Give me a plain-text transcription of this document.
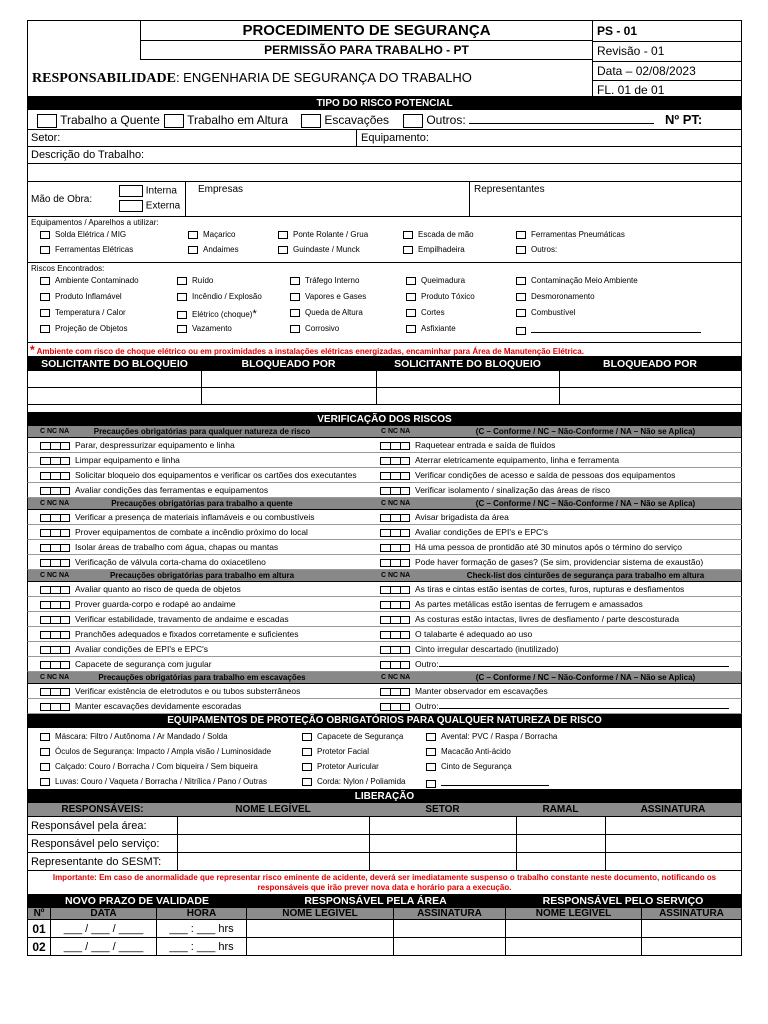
PROCEDIMENTO DE SEGURANÇA
PERMISSÃO PARA TRABALHO - PT
RESPONSABILIDADE: ENGENHARIA DE SEGURANÇA DO TRABALHO
PS - 01
Revisão - 01
Data – 02/08/2023
FL. 01 de 01
TIPO DO RISCO POTENCIAL
Trabalho a Quente	Trabalho em Altura	Escavações	Outros:	Nº PT:
Setor:	Equipamento:
Descrição do Trabalho:
Mão de Obra:
Interna
Externa
Empresas	Representantes
Equipamentos / Aparelhos a utilizar:
Solda Elétrica / MIG	Maçarico	Ponte Rolante / Grua	Escada de mão	Ferramentas Pneumáticas
Ferramentas Elétricas	Andaimes	Guindaste / Munck	Empilhadeira	Outros:
Riscos Encontrados:
Ambiente Contaminado	Ruído	Tráfego Interno	Queimadura	Contaminação Meio Ambiente
Produto Inflamável	Incêndio / Explosão	Vapores e Gases	Produto Tóxico	Desmoronamento
Temperatura / Calor	Elétrico (choque)*	Queda de Altura	Cortes	Combustível
Projeção de Objetos	Vazamento	Corrosivo	Asfixiante
* Ambiente com risco de choque elétrico ou em proximidades a instalações elétricas energizadas, encaminhar para Área de Manutenção Elétrica.
SOLICITANTE DO BLOQUEIO	BLOQUEADO POR	SOLICITANTE DO BLOQUEIO	BLOQUEADO POR
VERIFICAÇÃO DOS RISCOS
C NC NA	Precauções obrigatórias para qualquer natureza de risco	C NC NA	(C – Conforme / NC – Não-Conforme / NA – Não se Aplica)
Parar, despressurizar equipamento e linha	Raquetear entrada e saída de fluídos
Limpar equipamento e linha	Aterrar eletricamente equipamento, linha e ferramenta
Solicitar bloqueio dos equipamentos e verificar os cartões dos executantes	Verificar condições de acesso e saída de pessoas dos equipamentos
Avaliar condições das ferramentas e equipamentos	Verificar isolamento / sinalização das áreas de risco
C NC NA	Precauções obrigatórias para trabalho a quente	C NC NA	(C – Conforme / NC – Não-Conforme / NA – Não se Aplica)
Verificar a presença de materiais inflamáveis e ou combustíveis	Avisar brigadista da área
Prover equipamentos de combate a incêndio próximo do local	Avaliar condições de EPI's e EPC's
Isolar áreas de trabalho com água, chapas ou mantas	Há uma pessoa de prontidão até 30 minutos após o término do serviço
Verificação de válvula corta-chama do oxiacetileno	Pode haver formação de gases? (Se sim, providenciar sistema de exaustão)
C NC NA	Precauções obrigatórias para trabalho em altura	C NC NA	Check-list dos cinturões de segurança para trabalho em altura
Avaliar quanto ao risco de queda de objetos	As tiras e cintas estão isentas de cortes, furos, rupturas e desfiamentos
Prover guarda-corpo e rodapé ao andaime	As partes metálicas estão isentas de ferrugem e amassados
Verificar estabilidade, travamento de andaime e escadas	As costuras estão intactas, livres de desfiamento / parte descosturada
Pranchões adequados e fixados corretamente e suficientes	O talabarte é adequado ao uso
Avaliar condições de EPI's e EPC's	Cinto irregular descartado (inutilizado)
Capacete de segurança com jugular	Outro:
C NC NA	Precauções obrigatórias para trabalho em escavações	C NC NA	(C – Conforme / NC – Não-Conforme / NA – Não se Aplica)
Verificar existência de eletrodutos e ou tubos substerrâneos	Manter observador em escavações
Manter escavações devidamente escoradas	Outro:
EQUIPAMENTOS DE PROTEÇÃO OBRIGATÓRIOS PARA QUALQUER NATUREZA DE RISCO
Máscara: Filtro / Autônoma / Ar Mandado / Solda
Óculos de Segurança: Impacto / Ampla visão / Luminosidade
Calçado: Couro / Borracha / Com biqueira / Sem biqueira
Luvas: Couro / Vaqueta / Borracha / Nitrílica / Pano / Outras
Capacete de Segurança
Protetor Facial
Protetor Auricular
Corda: Nylon / Poliamida
Avental: PVC / Raspa / Borracha
Macacão Anti-ácido
Cinto de Segurança
LIBERAÇÃO
RESPONSÁVEIS:	NOME LEGÍVEL	SETOR	RAMAL	ASSINATURA
Responsável pela área:
Responsável pelo serviço:
Representante do SESMT:
Importante: Em caso de anormalidade que representar risco eminente de acidente, deverá ser imediatamente suspenso o trabalho constante neste documento, notificando os responsáveis que irão prever nova data e horário para a execução.
NOVO PRAZO DE VALIDADE	RESPONSÁVEL PELA ÁREA	RESPONSÁVEL PELO SERVIÇO
Nº	DATA	HORA	NOME LEGÍVEL	ASSINATURA	NOME LEGÍVEL	ASSINATURA
01	___ / ___ / ____	___ : ___ hrs
02	___ / ___ / ____	___ : ___ hrs
